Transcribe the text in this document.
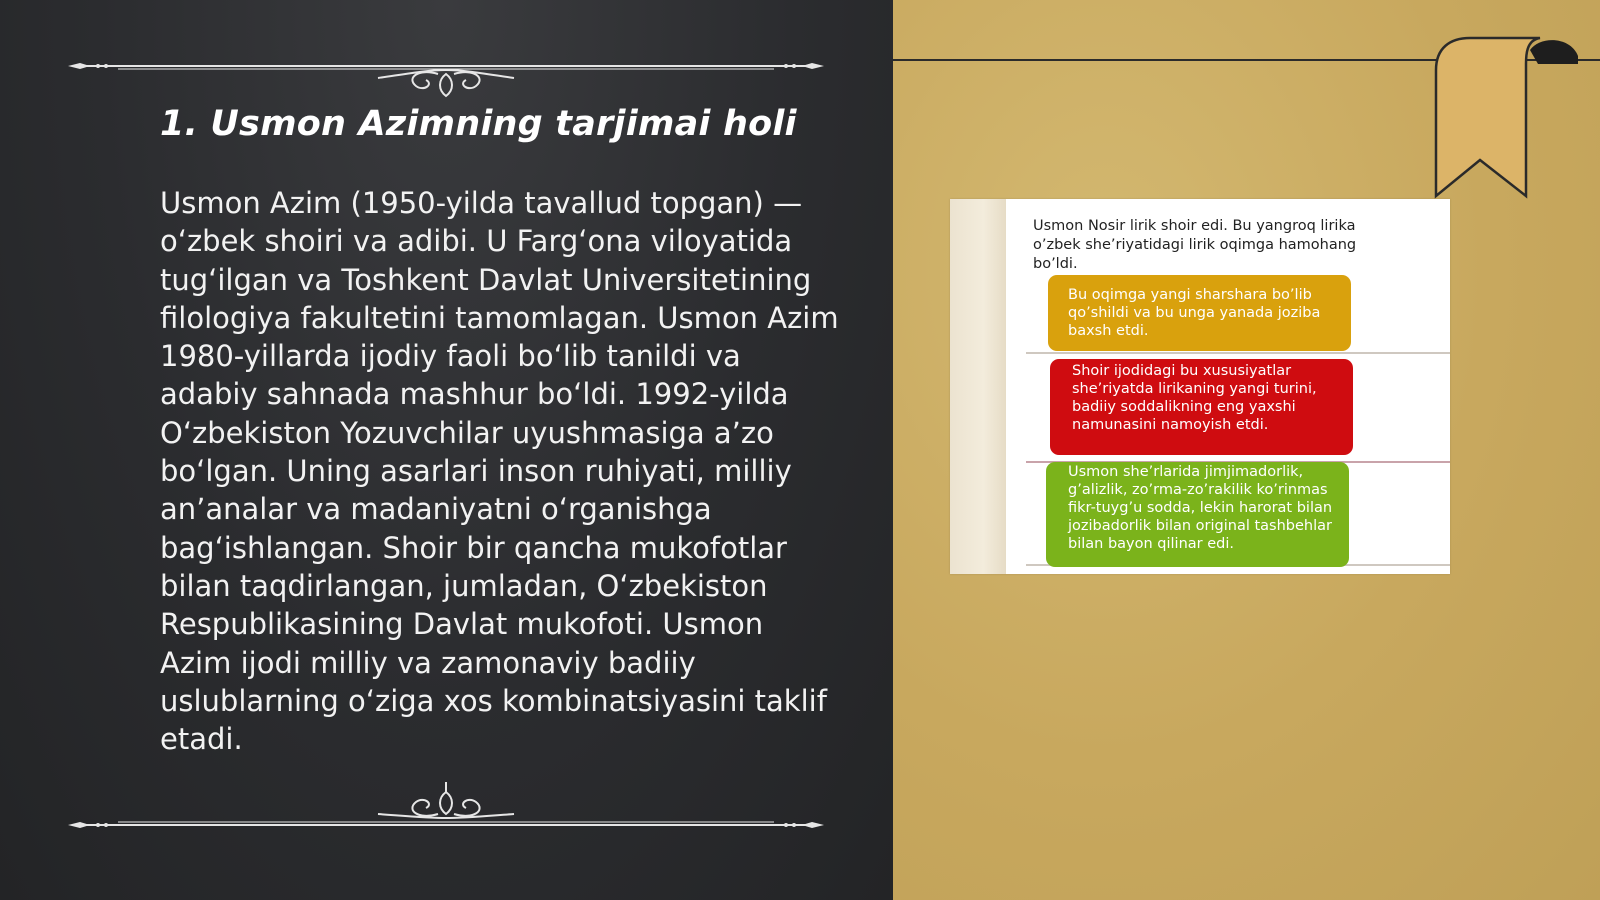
1. Usmon Azimning tarjimai holi

Usmon Azim (1950-yilda tavallud topgan) — oʻzbek shoiri va adibi. U Fargʻona viloyatida tugʻilgan va Toshkent Davlat Universitetining filologiya fakultetini tamomlagan. Usmon Azim 1980-yillarda ijodiy faoli boʻlib tanildi va adabiy sahnada mashhur boʻldi. 1992-yilda Oʻzbekiston Yozuvchilar uyushmasiga aʼzo boʻlgan. Uning asarlari inson ruhiyati, milliy anʼanalar va madaniyatni oʻrganishga bagʻishlangan. Shoir bir qancha mukofotlar bilan taqdirlangan, jumladan, Oʻzbekiston Respublikasining Davlat mukofoti. Usmon Azim ijodi milliy va zamonaviy badiiy uslublarning oʻziga xos kombinatsiyasini taklif etadi.

Usmon Nosir lirik shoir edi. Bu yangroq lirika o’zbek she’riyatidagi lirik oqimga hamohang bo’ldi.

Bu oqimga yangi sharshara bo’lib qo’shildi va bu unga yanada joziba baxsh etdi.
Shoir ijodidagi bu xususiyatlar she’riyatda lirikaning yangi turini, badiiy soddalikning eng yaxshi namunasini namoyish etdi.
Usmon she’rlarida jimjimadorlik, g’alizlik, zo’rma-zo’rakilik ko’rinmas fikr-tuyg’u sodda, lekin harorat bilan jozibadorlik bilan original tashbehlar bilan bayon qilinar edi.
